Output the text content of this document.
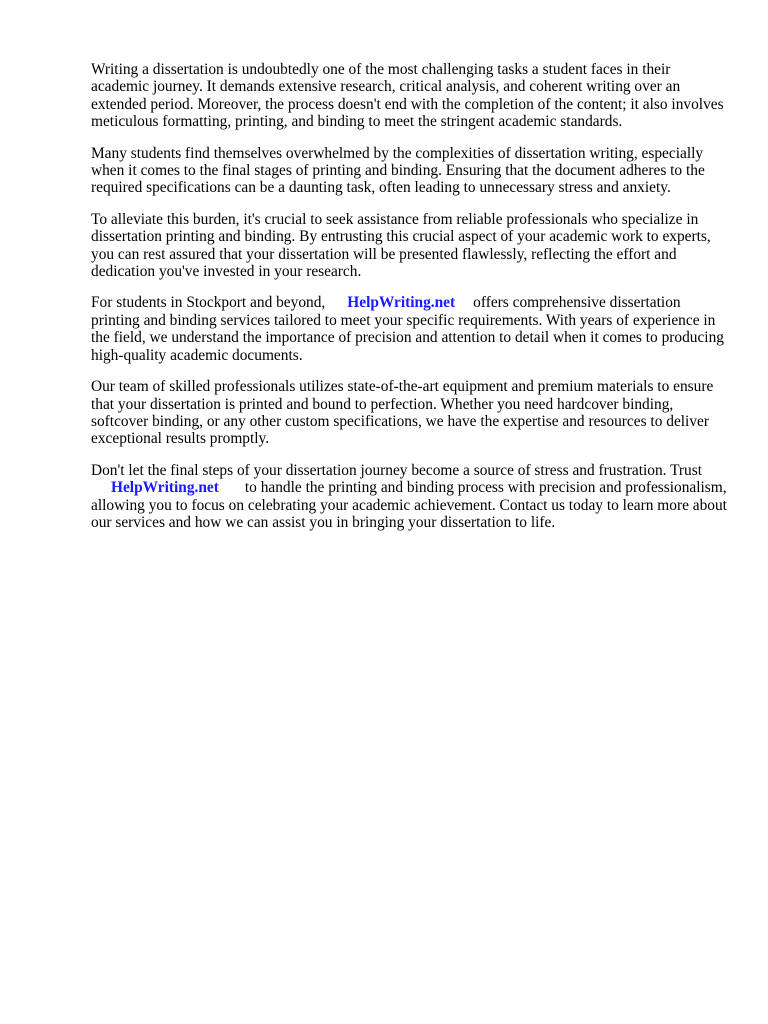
Writing a dissertation is undoubtedly one of the most challenging tasks a student faces in their academic journey. It demands extensive research, critical analysis, and coherent writing over an extended period. Moreover, the process doesn't end with the completion of the content; it also involves meticulous formatting, printing, and binding to meet the stringent academic standards.

Many students find themselves overwhelmed by the complexities of dissertation writing, especially when it comes to the final stages of printing and binding. Ensuring that the document adheres to the required specifications can be a daunting task, often leading to unnecessary stress and anxiety.

To alleviate this burden, it's crucial to seek assistance from reliable professionals who specialize in dissertation printing and binding. By entrusting this crucial aspect of your academic work to experts, you can rest assured that your dissertation will be presented flawlessly, reflecting the effort and dedication you've invested in your research.

For students in Stockport and beyond, HelpWriting.net offers comprehensive dissertation printing and binding services tailored to meet your specific requirements. With years of experience in the field, we understand the importance of precision and attention to detail when it comes to producing high-quality academic documents.

Our team of skilled professionals utilizes state-of-the-art equipment and premium materials to ensure that your dissertation is printed and bound to perfection. Whether you need hardcover binding, softcover binding, or any other custom specifications, we have the expertise and resources to deliver exceptional results promptly.

Don't let the final steps of your dissertation journey become a source of stress and frustration. Trust
HelpWriting.net to handle the printing and binding process with precision and professionalism, allowing you to focus on celebrating your academic achievement. Contact us today to learn more about our services and how we can assist you in bringing your dissertation to life.
